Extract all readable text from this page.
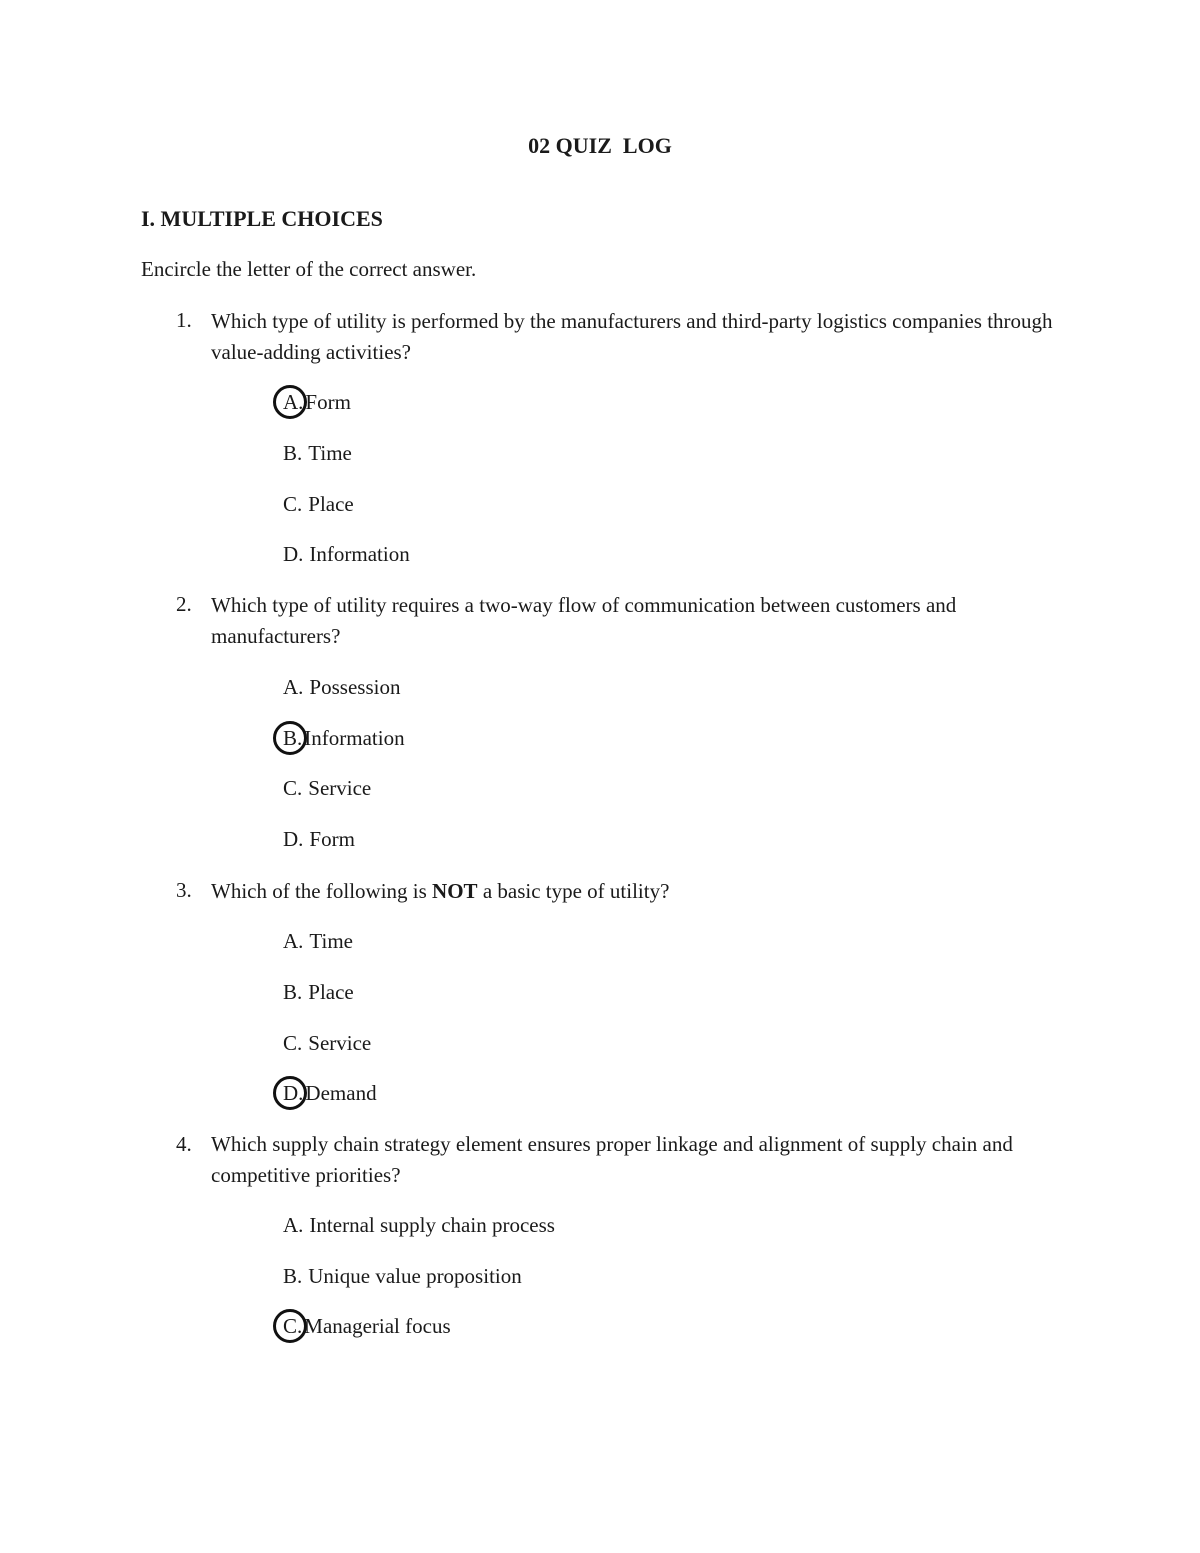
02 QUIZ  LOG
I. MULTIPLE CHOICES
Encircle the letter of the correct answer.
1. Which type of utility is performed by the manufacturers and third-party logistics companies through value-adding activities?
A.Form
B. Time
C. Place
D. Information
2. Which type of utility requires a two-way flow of communication between customers and manufacturers?
A. Possession
B.Information
C. Service
D. Form
3. Which of the following is NOT a basic type of utility?
A. Time
B. Place
C. Service
D.Demand
4. Which supply chain strategy element ensures proper linkage and alignment of supply chain and competitive priorities?
A. Internal supply chain process
B. Unique value proposition
C.Managerial focus
